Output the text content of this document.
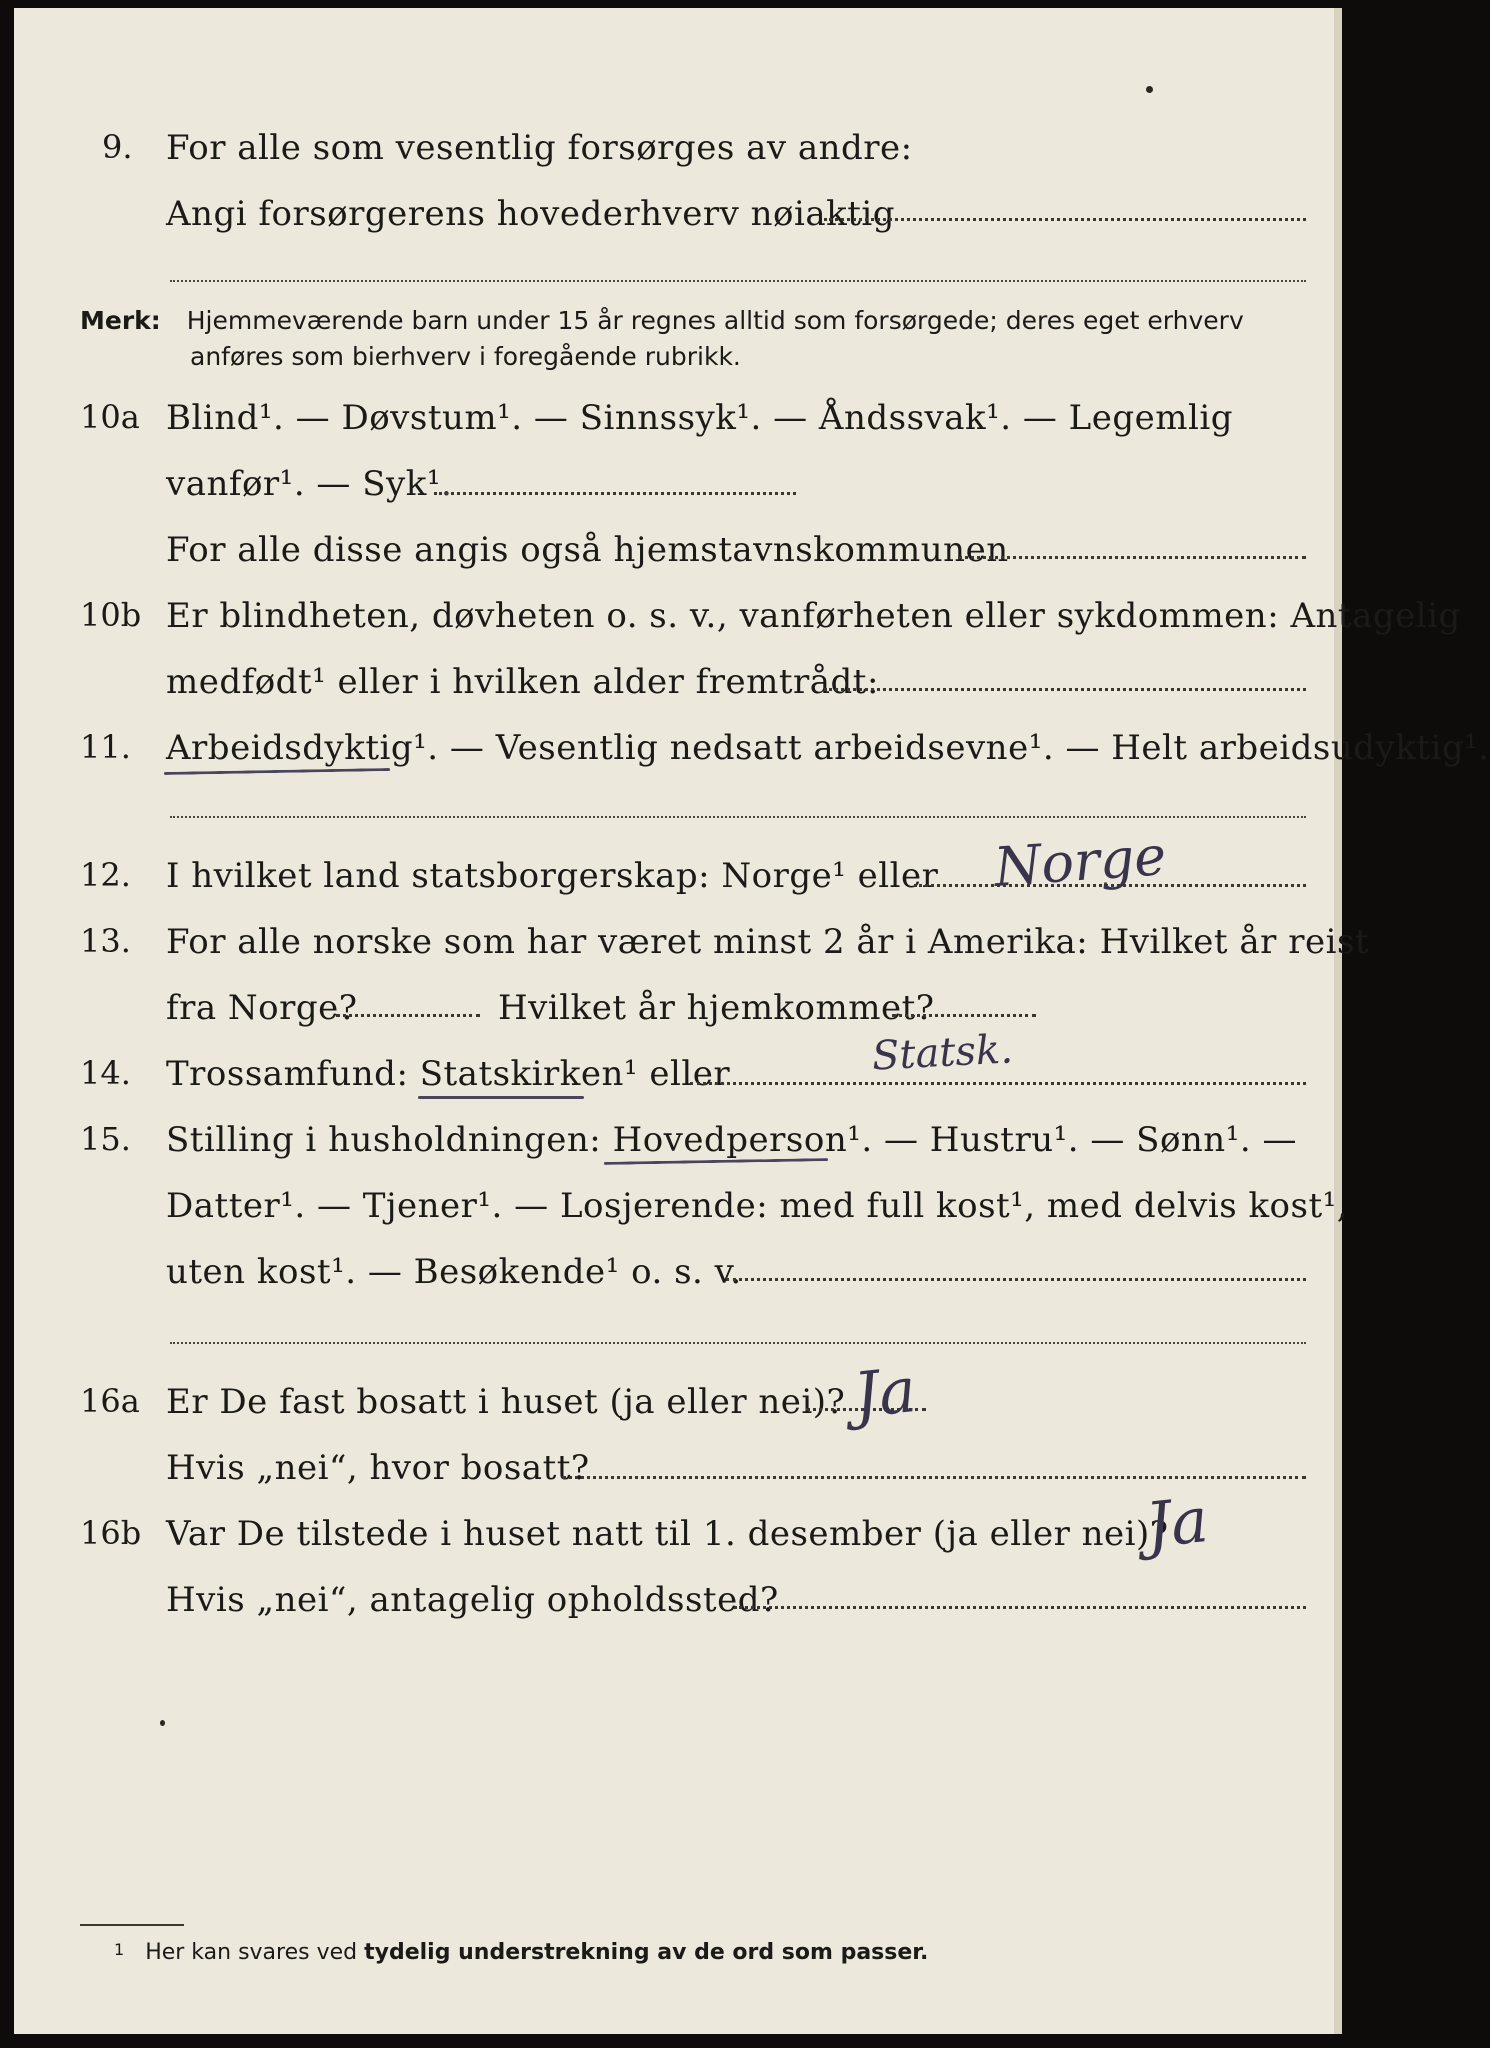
9. For alle som vesentlig forsørges av andre:
Angi forsørgerens hovederhverv nøiaktig
Merk: Hjemmeværende barn under 15 år regnes alltid som forsørgede; deres eget erhverv
anføres som bierhverv i foregående rubrikk.
10a Blind¹. — Døvstum¹. — Sinnssyk¹. — Åndssvak¹. — Legemlig
vanfør¹. — Syk¹.
For alle disse angis også hjemstavnskommunen
10b Er blindheten, døvheten o. s. v., vanførheten eller sykdommen: Antagelig
medfødt¹ eller i hvilken alder fremtrådt:
11. Arbeidsdyktig¹. — Vesentlig nedsatt arbeidsevne¹. — Helt arbeidsudyktig¹.
12. I hvilket land statsborgerskap: Norge¹ eller Norge
13. For alle norske som har været minst 2 år i Amerika: Hvilket år reist
fra Norge?	Hvilket år hjemkommet?
14. Trossamfund: Statskirken¹ eller	Statsk.
15. Stilling i husholdningen: Hovedperson¹. — Hustru¹. — Sønn¹. —
Datter¹. — Tjener¹. — Losjerende: med full kost¹, med delvis kost¹,
uten kost¹. — Besøkende¹ o. s. v.
16a Er De fast bosatt i huset (ja eller nei)? Ja
Hvis „nei“, hvor bosatt?
16b Var De tilstede i huset natt til 1. desember (ja eller nei)?
Ja
Hvis „nei“, antagelig opholdssted?
$^1$ Her kan svares ved tydelig understrekning av de ord som passer.
